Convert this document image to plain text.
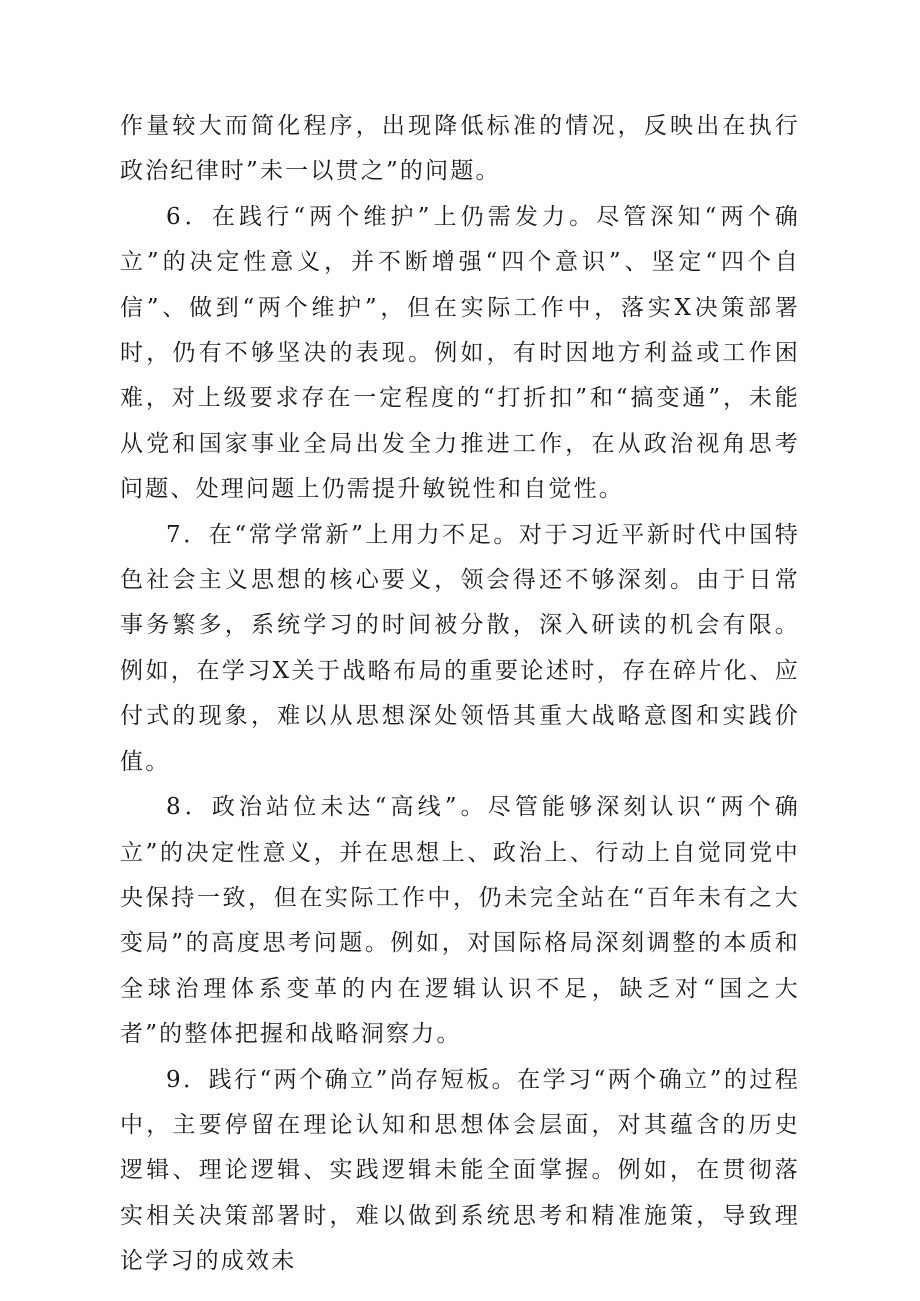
作量较大而简化程序，出现降低标准的情况，反映出在执行政治纪律时”未一以贯之”的问题。

6．在践行“两个维护”上仍需发力。尽管深知“两个确立”的决定性意义，并不断增强“四个意识”、坚定“四个自信”、做到“两个维护”，但在实际工作中，落实X决策部署时，仍有不够坚决的表现。例如，有时因地方利益或工作困难，对上级要求存在一定程度的“打折扣”和“搞变通”，未能从党和国家事业全局出发全力推进工作，在从政治视角思考问题、处理问题上仍需提升敏锐性和自觉性。

7．在“常学常新”上用力不足。对于习近平新时代中国特色社会主义思想的核心要义，领会得还不够深刻。由于日常事务繁多，系统学习的时间被分散，深入研读的机会有限。例如，在学习X关于战略布局的重要论述时，存在碎片化、应付式的现象，难以从思想深处领悟其重大战略意图和实践价值。

8．政治站位未达“高线”。尽管能够深刻认识“两个确立”的决定性意义，并在思想上、政治上、行动上自觉同党中央保持一致，但在实际工作中，仍未完全站在“百年未有之大变局”的高度思考问题。例如，对国际格局深刻调整的本质和全球治理体系变革的内在逻辑认识不足，缺乏对“国之大者”的整体把握和战略洞察力。

9．践行“两个确立”尚存短板。在学习“两个确立”的过程中，主要停留在理论认知和思想体会层面，对其蕴含的历史逻辑、理论逻辑、实践逻辑未能全面掌握。例如，在贯彻落实相关决策部署时，难以做到系统思考和精准施策，导致理论学习的成效未
